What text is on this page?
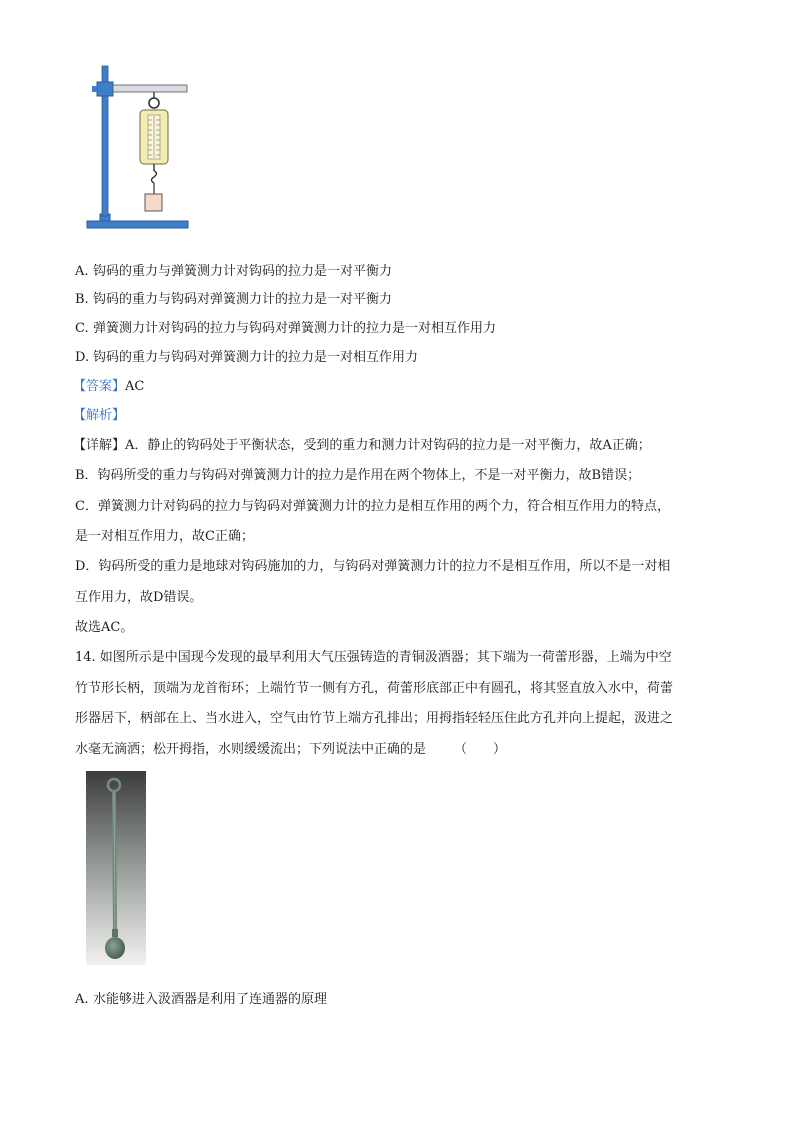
A. 钩码的重力与弹簧测力计对钩码的拉力是一对平衡力
B. 钩码的重力与钩码对弹簧测力计的拉力是一对平衡力
C. 弹簧测力计对钩码的拉力与钩码对弹簧测力计的拉力是一对相互作用力
D. 钩码的重力与钩码对弹簧测力计的拉力是一对相互作用力
【答案】AC
【解析】
【详解】A．静止的钩码处于平衡状态，受到的重力和测力计对钩码的拉力是一对平衡力，故A正确；
B．钩码所受的重力与钩码对弹簧测力计的拉力是作用在两个物体上，不是一对平衡力，故B错误；
C．弹簧测力计对钩码的拉力与钩码对弹簧测力计的拉力是相互作用的两个力，符合相互作用力的特点，
是一对相互作用力，故C正确；
D．钩码所受的重力是地球对钩码施加的力，与钩码对弹簧测力计的拉力不是相互作用，所以不是一对相
互作用力，故D错误。
故选AC。
14. 如图所示是中国现今发现的最早利用大气压强铸造的青铜汲酒器；其下端为一荷蕾形器，上端为中空
竹节形长柄，顶端为龙首衔环；上端竹节一侧有方孔，荷蕾形底部正中有圆孔，将其竖直放入水中，荷蕾
形器居下，柄部在上、当水进入，空气由竹节上端方孔排出；用拇指轻轻压住此方孔并向上提起，汲进之
水毫无滴洒；松开拇指，水则缓缓流出；下列说法中正确的是 （　　）
A. 水能够进入汲酒器是利用了连通器的原理
